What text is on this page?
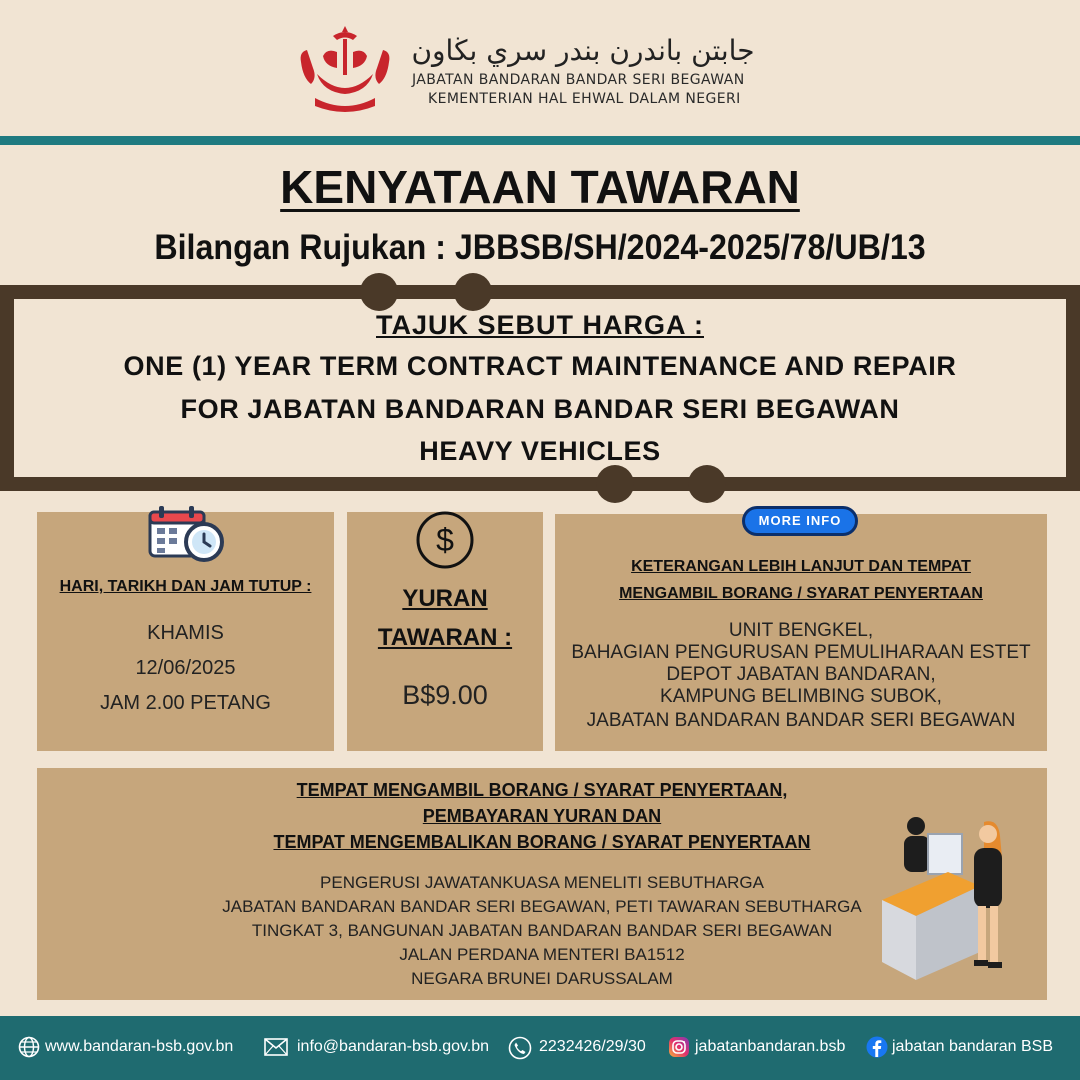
جابتن باندرن بندر سري بڬاون
JABATAN BANDARAN BANDAR SERI BEGAWAN
KEMENTERIAN HAL EHWAL DALAM NEGERI
KENYATAAN TAWARAN
Bilangan Rujukan : JBBSB/SH/2024-2025/78/UB/13
TAJUK SEBUT HARGA :
ONE (1) YEAR TERM CONTRACT MAINTENANCE AND REPAIR
FOR JABATAN BANDARAN BANDAR SERI BEGAWAN
HEAVY VEHICLES
HARI, TARIKH DAN JAM TUTUP :
KHAMIS
12/06/2025
JAM 2.00 PETANG
$
YURAN
TAWARAN :
B$9.00
MORE INFO
KETERANGAN LEBIH LANJUT DAN TEMPAT
MENGAMBIL BORANG / SYARAT PENYERTAAN
UNIT BENGKEL,
BAHAGIAN PENGURUSAN PEMULIHARAAN ESTET
DEPOT JABATAN BANDARAN,
KAMPUNG BELIMBING SUBOK,
JABATAN BANDARAN BANDAR SERI BEGAWAN
TEMPAT MENGAMBIL BORANG / SYARAT PENYERTAAN,
PEMBAYARAN YURAN DAN
TEMPAT MENGEMBALIKAN BORANG / SYARAT PENYERTAAN
PENGERUSI JAWATANKUASA MENELITI SEBUTHARGA
JABATAN BANDARAN BANDAR SERI BEGAWAN, PETI TAWARAN SEBUTHARGA
TINGKAT 3, BANGUNAN JABATAN BANDARAN BANDAR SERI BEGAWAN
JALAN PERDANA MENTERI BA1512
NEGARA BRUNEI DARUSSALAM
www.bandaran-bsb.gov.bn	info@bandaran-bsb.gov.bn	2232426/29/30	jabatanbandaran.bsb	jabatan bandaran BSB
